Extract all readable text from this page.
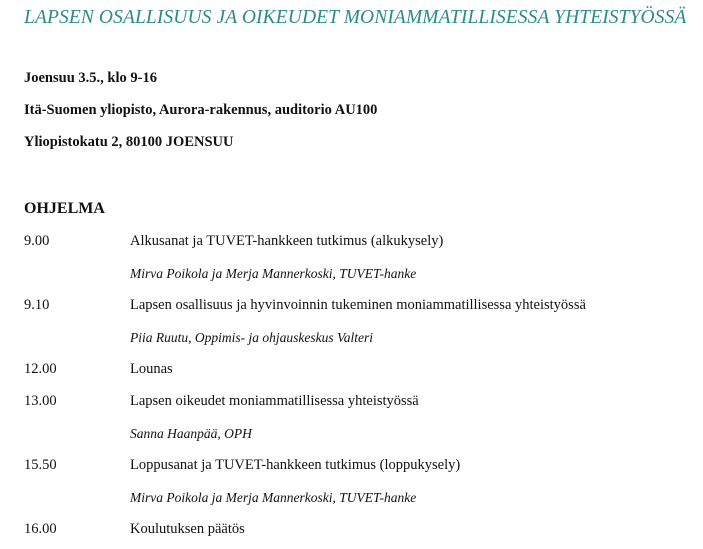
LAPSEN OSALLISUUS JA OIKEUDET MONIAMMATILLISESSA YHTEISTYÖSSÄ

Joensuu 3.5., klo 9-16

Itä-Suomen yliopisto, Aurora-rakennus, auditorio AU100

Yliopistokatu 2, 80100 JOENSUU

OHJELMA

9.00	Alkusanat ja TUVET-hankkeen tutkimus (alkukysely)

Mirva Poikola ja Merja Mannerkoski, TUVET-hanke

9.10	Lapsen osallisuus ja hyvinvoinnin tukeminen moniammatillisessa yhteistyössä

Piia Ruutu, Oppimis- ja ohjauskeskus Valteri

12.00	Lounas

13.00	Lapsen oikeudet moniammatillisessa yhteistyössä

Sanna Haanpää, OPH

15.50	Loppusanat ja TUVET-hankkeen tutkimus (loppukysely)

Mirva Poikola ja Merja Mannerkoski, TUVET-hanke

16.00	Koulutuksen päätös
